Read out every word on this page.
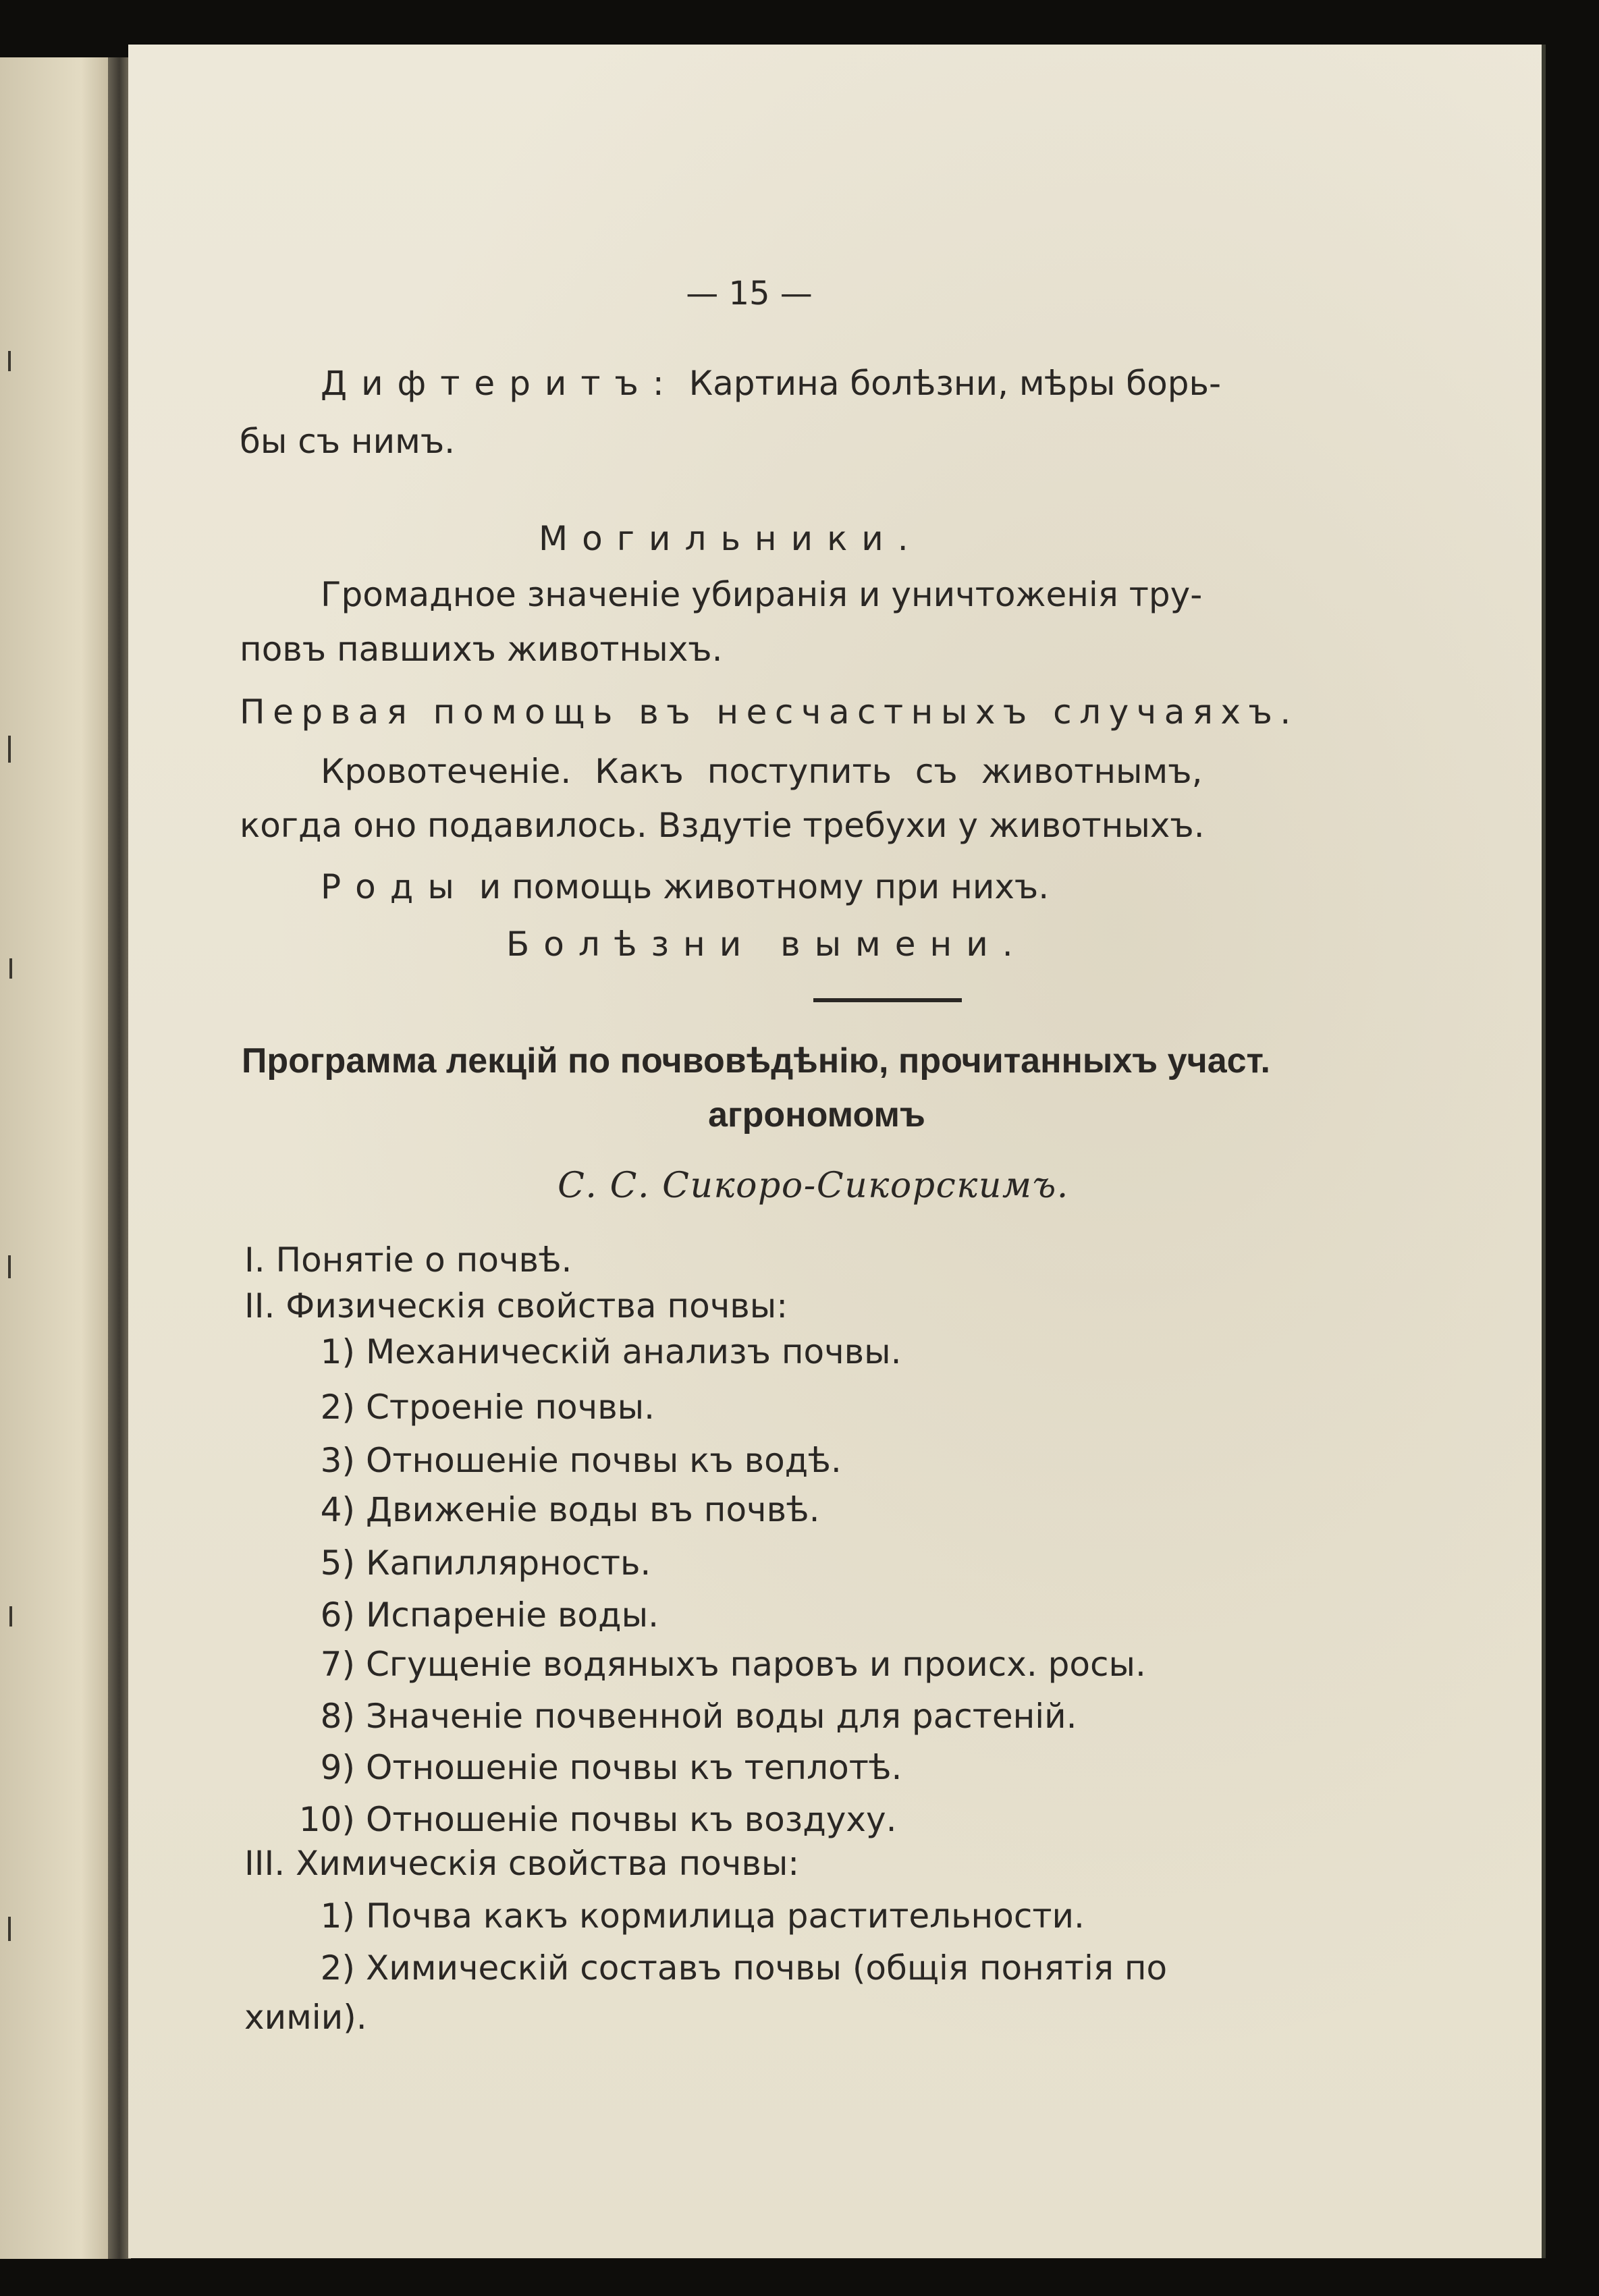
— 15 —
Дифтеритъ: Картина болѣзни, мѣры борь-
бы съ нимъ.
Могильники.
Громадное значенiе убиранiя и уничтоженiя тру-
повъ павшихъ животныхъ.
Первая помощь въ несчастныхъ случаяхъ.
Кровотеченiе. Какъ поступить съ животнымъ,
когда оно подавилось. Вздутiе требухи у животныхъ.
Роды и помощь животному при нихъ.
Болѣзни вымени.
Программа лекцiй по почвовѣдѣнiю, прочитанныхъ участ.
агрономомъ
С. С. Сикоро-Сикорскимъ.
I. Понятiе о почвѣ.
II. Физическiя свойства почвы:
1) Механическiй анализъ почвы.
2) Строенiе почвы.
3) Отношенiе почвы къ водѣ.
4) Движенiе воды въ почвѣ.
5) Капиллярность.
6) Испаренiе воды.
7) Сгущенiе водяныхъ паровъ и происх. росы.
8) Значенiе почвенной воды для растенiй.
9) Отношенiе почвы къ теплотѣ.
10) Отношенiе почвы къ воздуху.
III. Химическiя свойства почвы:
1) Почва какъ кормилица растительности.
2) Химическiй составъ почвы (общiя понятiя по
химiи).
